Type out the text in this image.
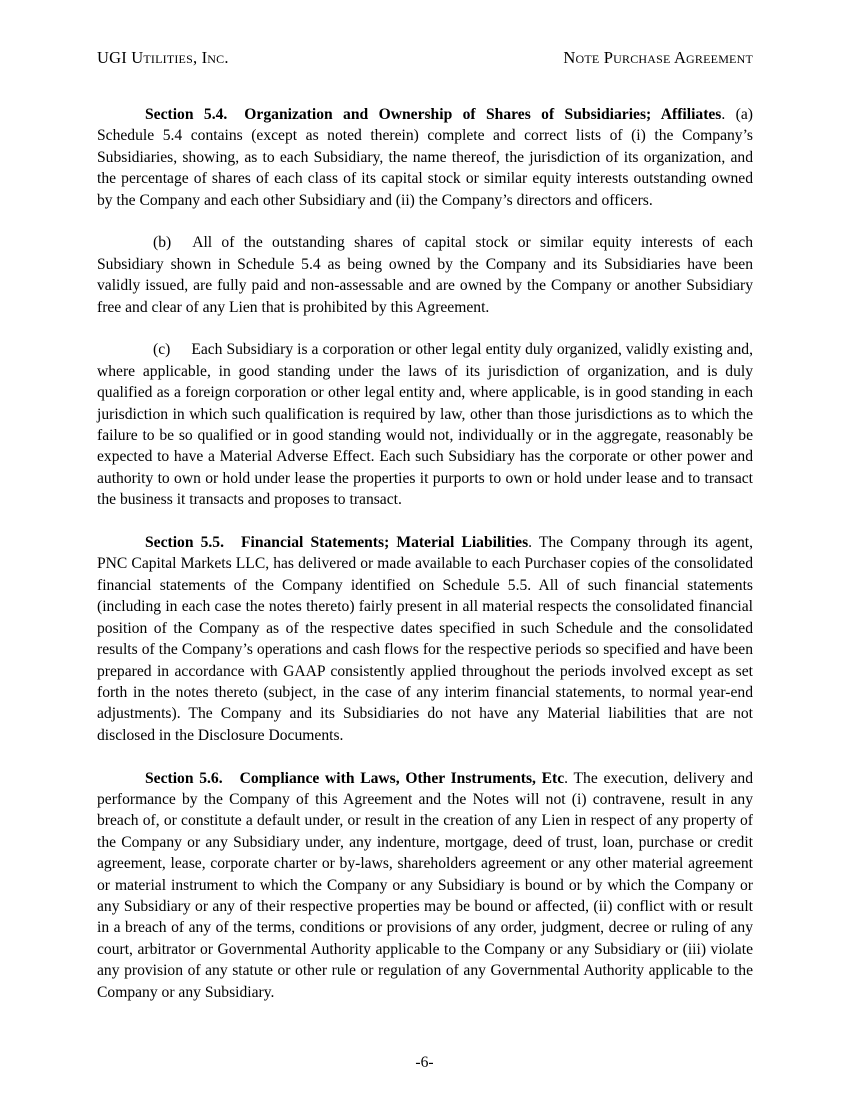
UGI Utilities, Inc.	Note Purchase Agreement

Section 5.4. Organization and Ownership of Shares of Subsidiaries; Affiliates. (a) Schedule 5.4 contains (except as noted therein) complete and correct lists of (i) the Company’s Subsidiaries, showing, as to each Subsidiary, the name thereof, the jurisdiction of its organization, and the percentage of shares of each class of its capital stock or similar equity interests outstanding owned by the Company and each other Subsidiary and (ii) the Company’s directors and officers.

(b) All of the outstanding shares of capital stock or similar equity interests of each Subsidiary shown in Schedule 5.4 as being owned by the Company and its Subsidiaries have been validly issued, are fully paid and non-assessable and are owned by the Company or another Subsidiary free and clear of any Lien that is prohibited by this Agreement.

(c) Each Subsidiary is a corporation or other legal entity duly organized, validly existing and, where applicable, in good standing under the laws of its jurisdiction of organization, and is duly qualified as a foreign corporation or other legal entity and, where applicable, is in good standing in each jurisdiction in which such qualification is required by law, other than those jurisdictions as to which the failure to be so qualified or in good standing would not, individually or in the aggregate, reasonably be expected to have a Material Adverse Effect. Each such Subsidiary has the corporate or other power and authority to own or hold under lease the properties it purports to own or hold under lease and to transact the business it transacts and proposes to transact.

Section 5.5. Financial Statements; Material Liabilities. The Company through its agent, PNC Capital Markets LLC, has delivered or made available to each Purchaser copies of the consolidated financial statements of the Company identified on Schedule 5.5. All of such financial statements (including in each case the notes thereto) fairly present in all material respects the consolidated financial position of the Company as of the respective dates specified in such Schedule and the consolidated results of the Company’s operations and cash flows for the respective periods so specified and have been prepared in accordance with GAAP consistently applied throughout the periods involved except as set forth in the notes thereto (subject, in the case of any interim financial statements, to normal year-end adjustments). The Company and its Subsidiaries do not have any Material liabilities that are not disclosed in the Disclosure Documents.

Section 5.6. Compliance with Laws, Other Instruments, Etc. The execution, delivery and performance by the Company of this Agreement and the Notes will not (i) contravene, result in any breach of, or constitute a default under, or result in the creation of any Lien in respect of any property of the Company or any Subsidiary under, any indenture, mortgage, deed of trust, loan, purchase or credit agreement, lease, corporate charter or by-laws, shareholders agreement or any other material agreement or material instrument to which the Company or any Subsidiary is bound or by which the Company or any Subsidiary or any of their respective properties may be bound or affected, (ii) conflict with or result in a breach of any of the terms, conditions or provisions of any order, judgment, decree or ruling of any court, arbitrator or Governmental Authority applicable to the Company or any Subsidiary or (iii) violate any provision of any statute or other rule or regulation of any Governmental Authority applicable to the Company or any Subsidiary.

-6-
